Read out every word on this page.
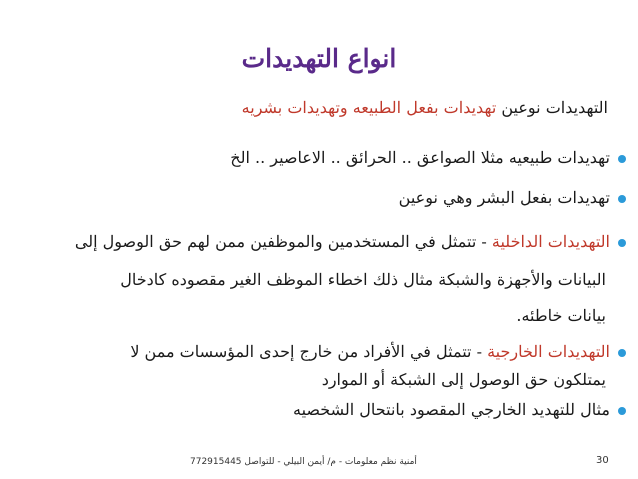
انواع التهديدات
التهديدات نوعين تهديدات بفعل الطبيعه وتهديدات بشريه
تهديدات طبيعيه مثلا الصواعق .. الحرائق .. الاعاصير .. الخ
تهديدات بفعل البشر وهي نوعين
التهديدات الداخلية - تتمثل في المستخدمين والموظفين ممن لهم حق الوصول إلى
البيانات والأجهزة والشبكة مثال ذلك اخطاء الموظف الغير مقصوده كادخال
بيانات خاطئه.
التهديدات الخارجية - تتمثل في الأفراد من خارج إحدى المؤسسات ممن لا
يمتلكون حق الوصول إلى الشبكة أو الموارد
مثال للتهديد الخارجي المقصود بانتحال الشخصيه
أمنية نظم معلومات - م/ أيمن البيلي - للتواصل 772915445	30
